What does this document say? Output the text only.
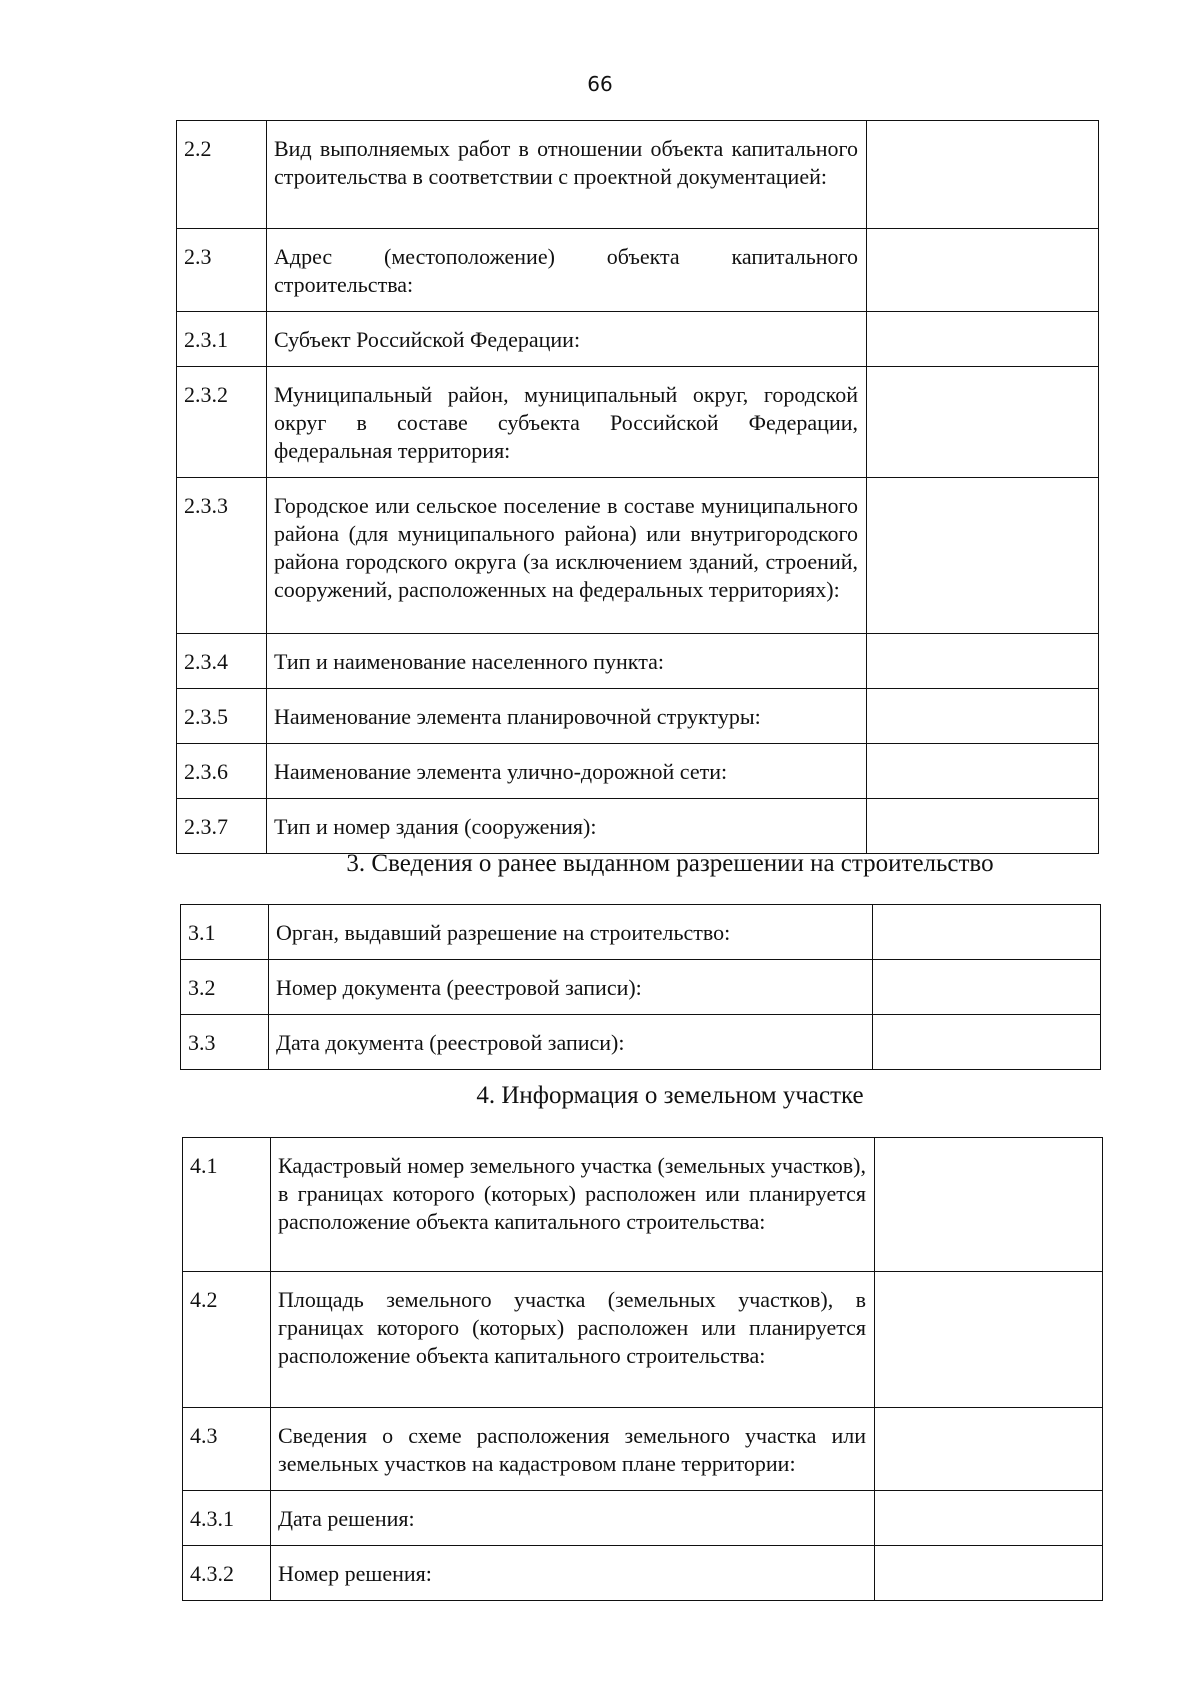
66
2.2	Вид выполняемых работ в отношении объекта капитального строительства в соответствии с проектной документацией:	
2.3	Адрес (местоположение) объекта капитального строительства:	
2.3.1	Субъект Российской Федерации:	
2.3.2	Муниципальный район, муниципальный округ, городской округ в составе субъекта Российской Федерации, федеральная территория:	
2.3.3	Городское или сельское поселение в составе муниципального района (для муниципального района) или внутригородского района городского округа (за исключением зданий, строений, сооружений, расположенных на федеральных территориях):	
2.3.4	Тип и наименование населенного пункта:	
2.3.5	Наименование элемента планировочной структуры:	
2.3.6	Наименование элемента улично-дорожной сети:	
2.3.7	Тип и номер здания (сооружения):	
3. Сведения о ранее выданном разрешении на строительство
3.1	Орган, выдавший разрешение на строительство:	
3.2	Номер документа (реестровой записи):	
3.3	Дата документа (реестровой записи):	
4. Информация о земельном участке
4.1	Кадастровый номер земельного участка (земельных участков), в границах которого (которых) расположен или планируется расположение объекта капитального строительства:	
4.2	Площадь земельного участка (земельных участков), в границах которого (которых) расположен или планируется расположение объекта капитального строительства:	
4.3	Сведения о схеме расположения земельного участка или земельных участков на кадастровом плане территории:	
4.3.1	Дата решения:	
4.3.2	Номер решения:	
